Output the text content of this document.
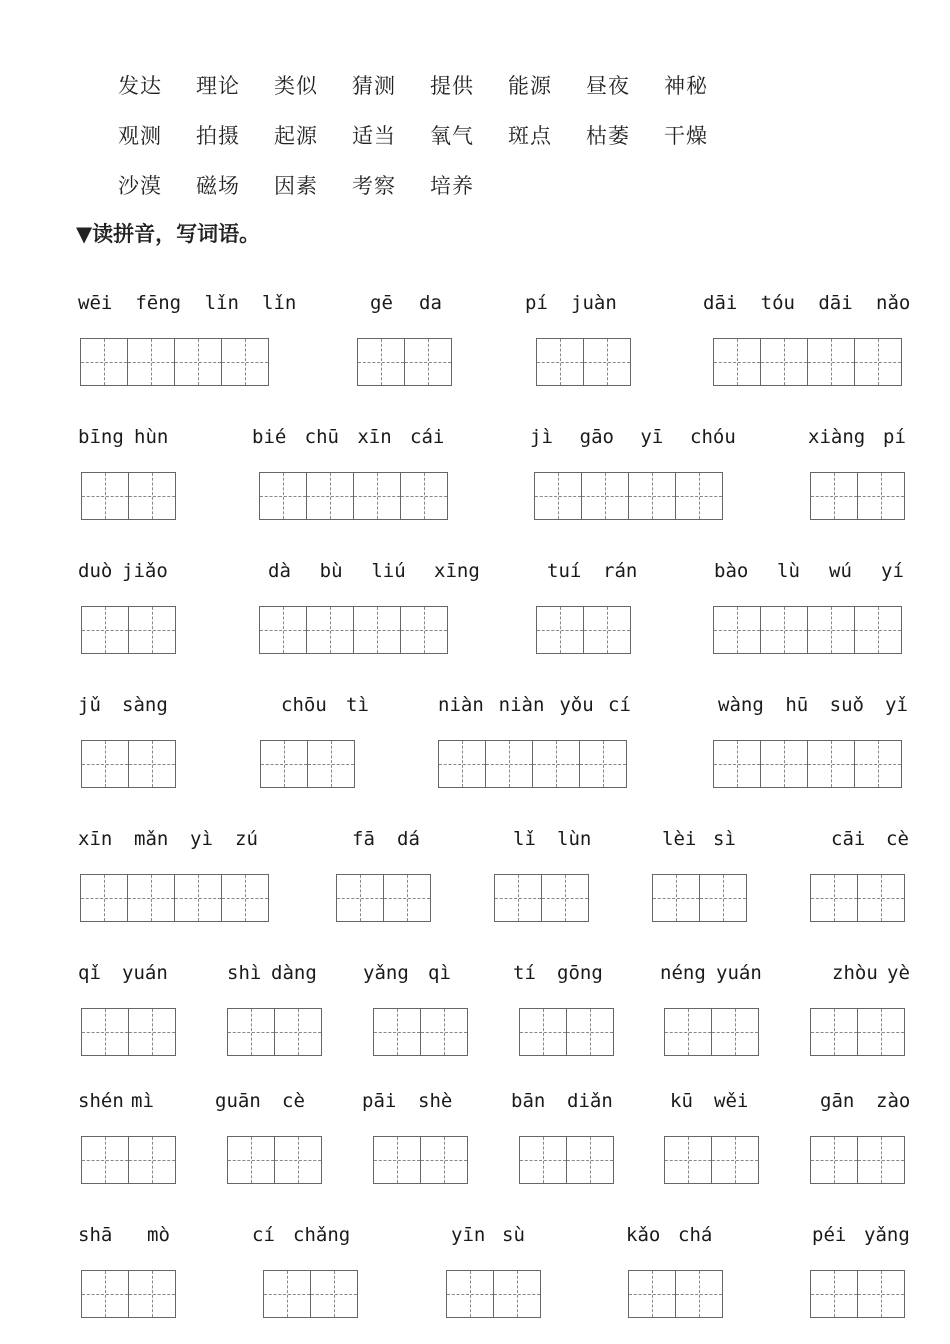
发达	理论	类似	猜测	提供	能源	昼夜	神秘
观测	拍摄	起源	适当	氧气	斑点	枯萎	干燥
沙漠	磁场	因素	考察	培养
▼读拼音，写词语。
wēi fēng lǐn lǐn	gē da	pí juàn	dāi tóu dāi nǎo
bīng hùn	bié chū xīn cái	jì gāo yī chóu	xiàng pí
duò jiǎo	dà bù liú xīng	tuí rán	bào lù wú yí
jǔ sàng	chōu tì	niàn niàn yǒu cí	wàng hū suǒ yǐ
xīn mǎn yì zú	fā dá	lǐ lùn	lèi sì	cāi cè
qǐ yuán	shì dàng yǎng qì	tí gōng	néng yuán	zhòu yè
shén mì	guān cè	pāi shè	bān diǎn	kū wěi	gān zào
shā mò	cí chǎng	yīn sù	kǎo chá	péi yǎng
